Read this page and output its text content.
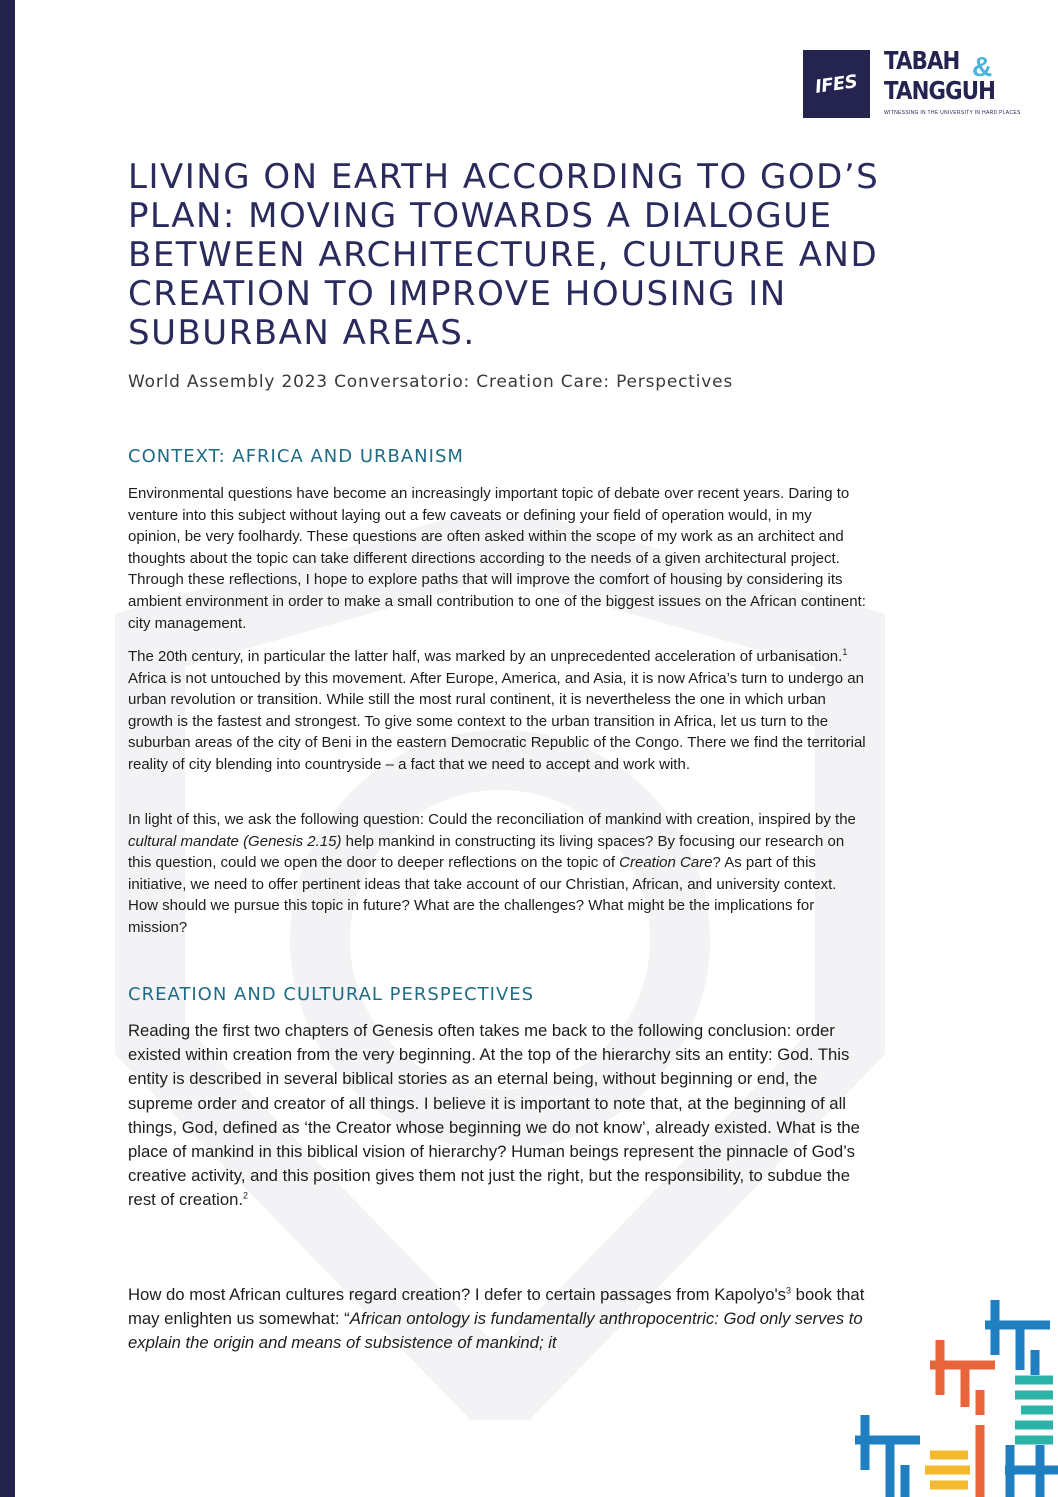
IFES
TABAH
TANGGUH
&
WITNESSING IN THE UNIVERSITY IN HARD PLACES
LIVING ON EARTH ACCORDING TO GOD’S PLAN: MOVING TOWARDS A DIALOGUE BETWEEN ARCHITECTURE, CULTURE AND CREATION TO IMPROVE HOUSING IN SUBURBAN AREAS.
World Assembly 2023 Conversatorio: Creation Care: Perspectives
CONTEXT: AFRICA AND URBANISM

Environmental questions have become an increasingly important topic of debate over recent years. Daring to venture into this subject without laying out a few caveats or defining your field of operation would, in my opinion, be very foolhardy. These questions are often asked within the scope of my work as an architect and thoughts about the topic can take different directions according to the needs of a given architectural project. Through these reflections, I hope to explore paths that will improve the comfort of housing by considering its ambient environment in order to make a small contribution to one of the biggest issues on the African continent: city management.

The 20th century, in particular the latter half, was marked by an unprecedented acceleration of urbanisation.$^1$ Africa is not untouched by this movement. After Europe, America, and Asia, it is now Africa’s turn to undergo an urban revolution or transition. While still the most rural continent, it is nevertheless the one in which urban growth is the fastest and strongest. To give some context to the urban transition in Africa, let us turn to the suburban areas of the city of Beni in the eastern Democratic Republic of the Congo. There we find the territorial reality of city blending into countryside – a fact that we need to accept and work with.

In light of this, we ask the following question: Could the reconciliation of mankind with creation, inspired by the cultural mandate (Genesis 2.15) help mankind in constructing its living spaces? By focusing our research on this question, could we open the door to deeper reflections on the topic of Creation Care? As part of this initiative, we need to offer pertinent ideas that take account of our Christian, African, and university context. How should we pursue this topic in future? What are the challenges? What might be the implications for mission?

CREATION AND CULTURAL PERSPECTIVES

Reading the first two chapters of Genesis often takes me back to the following conclusion: order existed within creation from the very beginning. At the top of the hierarchy sits an entity: God. This entity is described in several biblical stories as an eternal being, without beginning or end, the supreme order and creator of all things. I believe it is important to note that, at the beginning of all things, God, defined as ‘the Creator whose beginning we do not know’, already existed. What is the place of mankind in this biblical vision of hierarchy? Human beings represent the pinnacle of God’s creative activity, and this position gives them not just the right, but the responsibility, to subdue the rest of creation.$^2$

How do most African cultures regard creation? I defer to certain passages from $Kapolyo's^3$ book that may enlighten us somewhat: “African ontology is fundamentally anthropocentric: God only serves to explain the origin and means of subsistence of mankind; it
